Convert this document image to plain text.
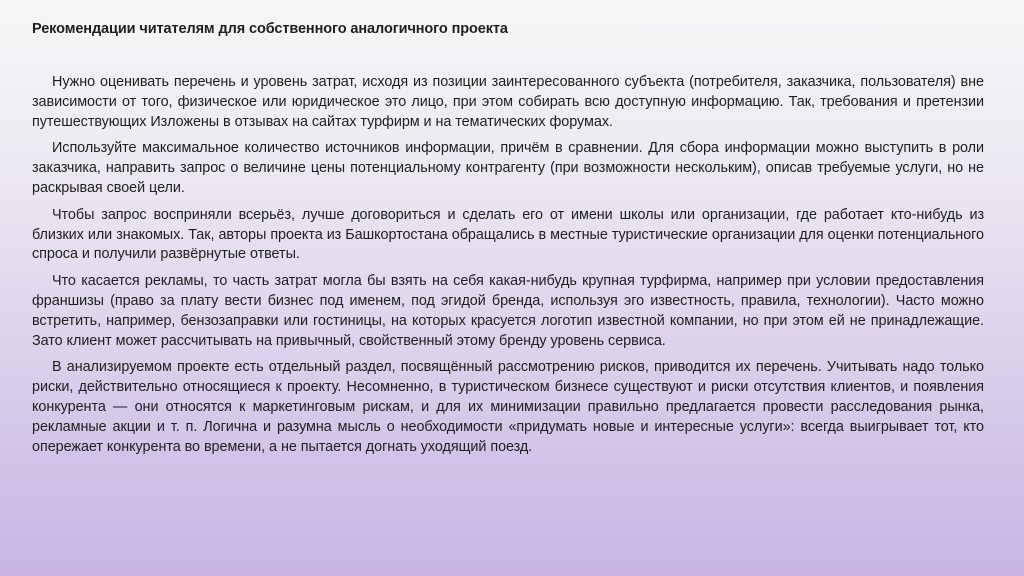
Рекомендации читателям для собственного аналогичного проекта

Нужно оценивать перечень и уровень затрат, исходя из позиции заинтересованного субъекта (потребителя, заказчика, пользователя) вне зависимости от того, физическое или юридическое это лицо, при этом собирать всю доступную информацию. Так, требования и претензии путешествующих Изложены в отзывах на сайтах турфирм и на тематических форумах.

Используйте максимальное количество источников информации, причём в сравнении. Для сбора информации можно выступить в роли заказчика, направить запрос о величине цены потенциальному контрагенту (при возможности нескольким), описав требуемые услуги, но не раскрывая своей цели.

Чтобы запрос восприняли всерьёз, лучше договориться и сделать его от имени школы или организации, где работает кто-нибудь из близких или знакомых. Так, авторы проекта из Башкортостана обращались в местные туристические организации для оценки потенциального спроса и получили развёрнутые ответы.

Что касается рекламы, то часть затрат могла бы взять на себя какая-нибудь крупная турфирма, например при условии предоставления франшизы (право за плату вести бизнес под именем, под эгидой бренда, используя эго известность, правила, технологии). Часто можно встретить, например, бензозаправки или гостиницы, на которых красуется логотип известной компании, но при этом ей не принадлежащие. Зато клиент может рассчитывать на привычный, свойственный этому бренду уровень сервиса.

В анализируемом проекте есть отдельный раздел, посвящённый рассмотрению рисков, приводится их перечень. Учитывать надо только риски, действительно относящиеся к проекту. Несомненно, в туристическом бизнесе существуют и риски отсутствия клиентов, и появления конкурента — они относятся к маркетинговым рискам, и для их минимизации правильно предлагается провести расследования рынка, рекламные акции и т. п. Логична и разумна мысль о необходимости «придумать новые и интересные услуги»: всегда выигрывает тот, кто опережает конкурента во времени, а не пытается догнать уходящий поезд.
